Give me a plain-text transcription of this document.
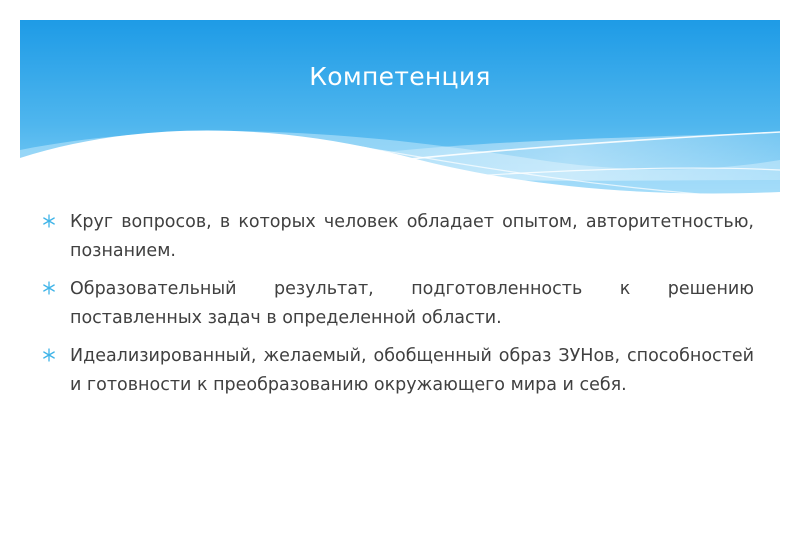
Компетенция
Круг вопросов, в которых человек обладает опытом, авторитетностью, познанием.
Образовательный результат, подготовленность к решению поставленных задач в определенной области.
Идеализированный, желаемый, обобщенный образ ЗУНов, способностей и готовности к преобразованию окружающего мира и себя.
